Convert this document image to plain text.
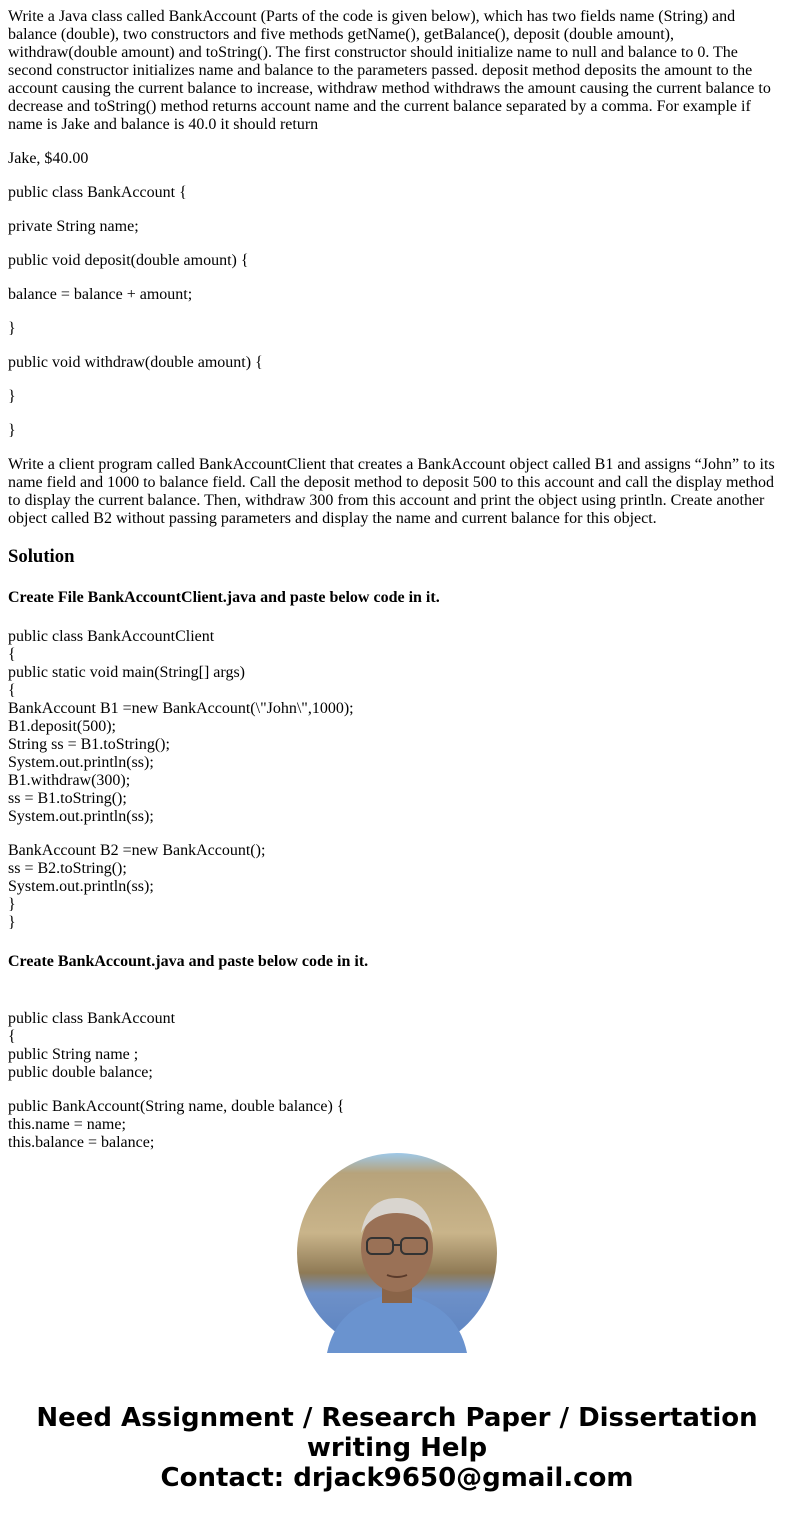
Write a Java class called BankAccount (Parts of the code is given below), which has two fields name (String) and balance (double), two constructors and five methods getName(), getBalance(), deposit (double amount), withdraw(double amount) and toString(). The first constructor should initialize name to null and balance to 0. The second constructor initializes name and balance to the parameters passed. deposit method deposits the amount to the account causing the current balance to increase, withdraw method withdraws the amount causing the current balance to decrease and toString() method returns account name and the current balance separated by a comma. For example if name is Jake and balance is 40.0 it should return

Jake, $40.00

public class BankAccount {

private String name;

public void deposit(double amount) {

balance = balance + amount;

}

public void withdraw(double amount) {

}

}

Write a client program called BankAccountClient that creates a BankAccount object called B1 and assigns “John” to its name field and 1000 to balance field. Call the deposit method to deposit 500 to this account and call the display method to display the current balance. Then, withdraw 300 from this account and print the object using println. Create another object called B2 without passing parameters and display the name and current balance for this object.

Solution
Create File BankAccountClient.java and paste below code in it.
public class BankAccountClient
{
public static void main(String[] args)
{
BankAccount B1 =new BankAccount(\"John\",1000);
B1.deposit(500);
String ss = B1.toString();
System.out.println(ss);
B1.withdraw(300);
ss = B1.toString();
System.out.println(ss);
BankAccount B2 =new BankAccount();
ss = B2.toString();
System.out.println(ss);
}
}
Create BankAccount.java and paste below code in it.
public class BankAccount
{
public String name ;
public double balance;
public BankAccount(String name, double balance) {
this.name = name;
this.balance = balance;
Need Assignment / Research Paper / Dissertation writing Help
Contact: drjack9650@gmail.com
